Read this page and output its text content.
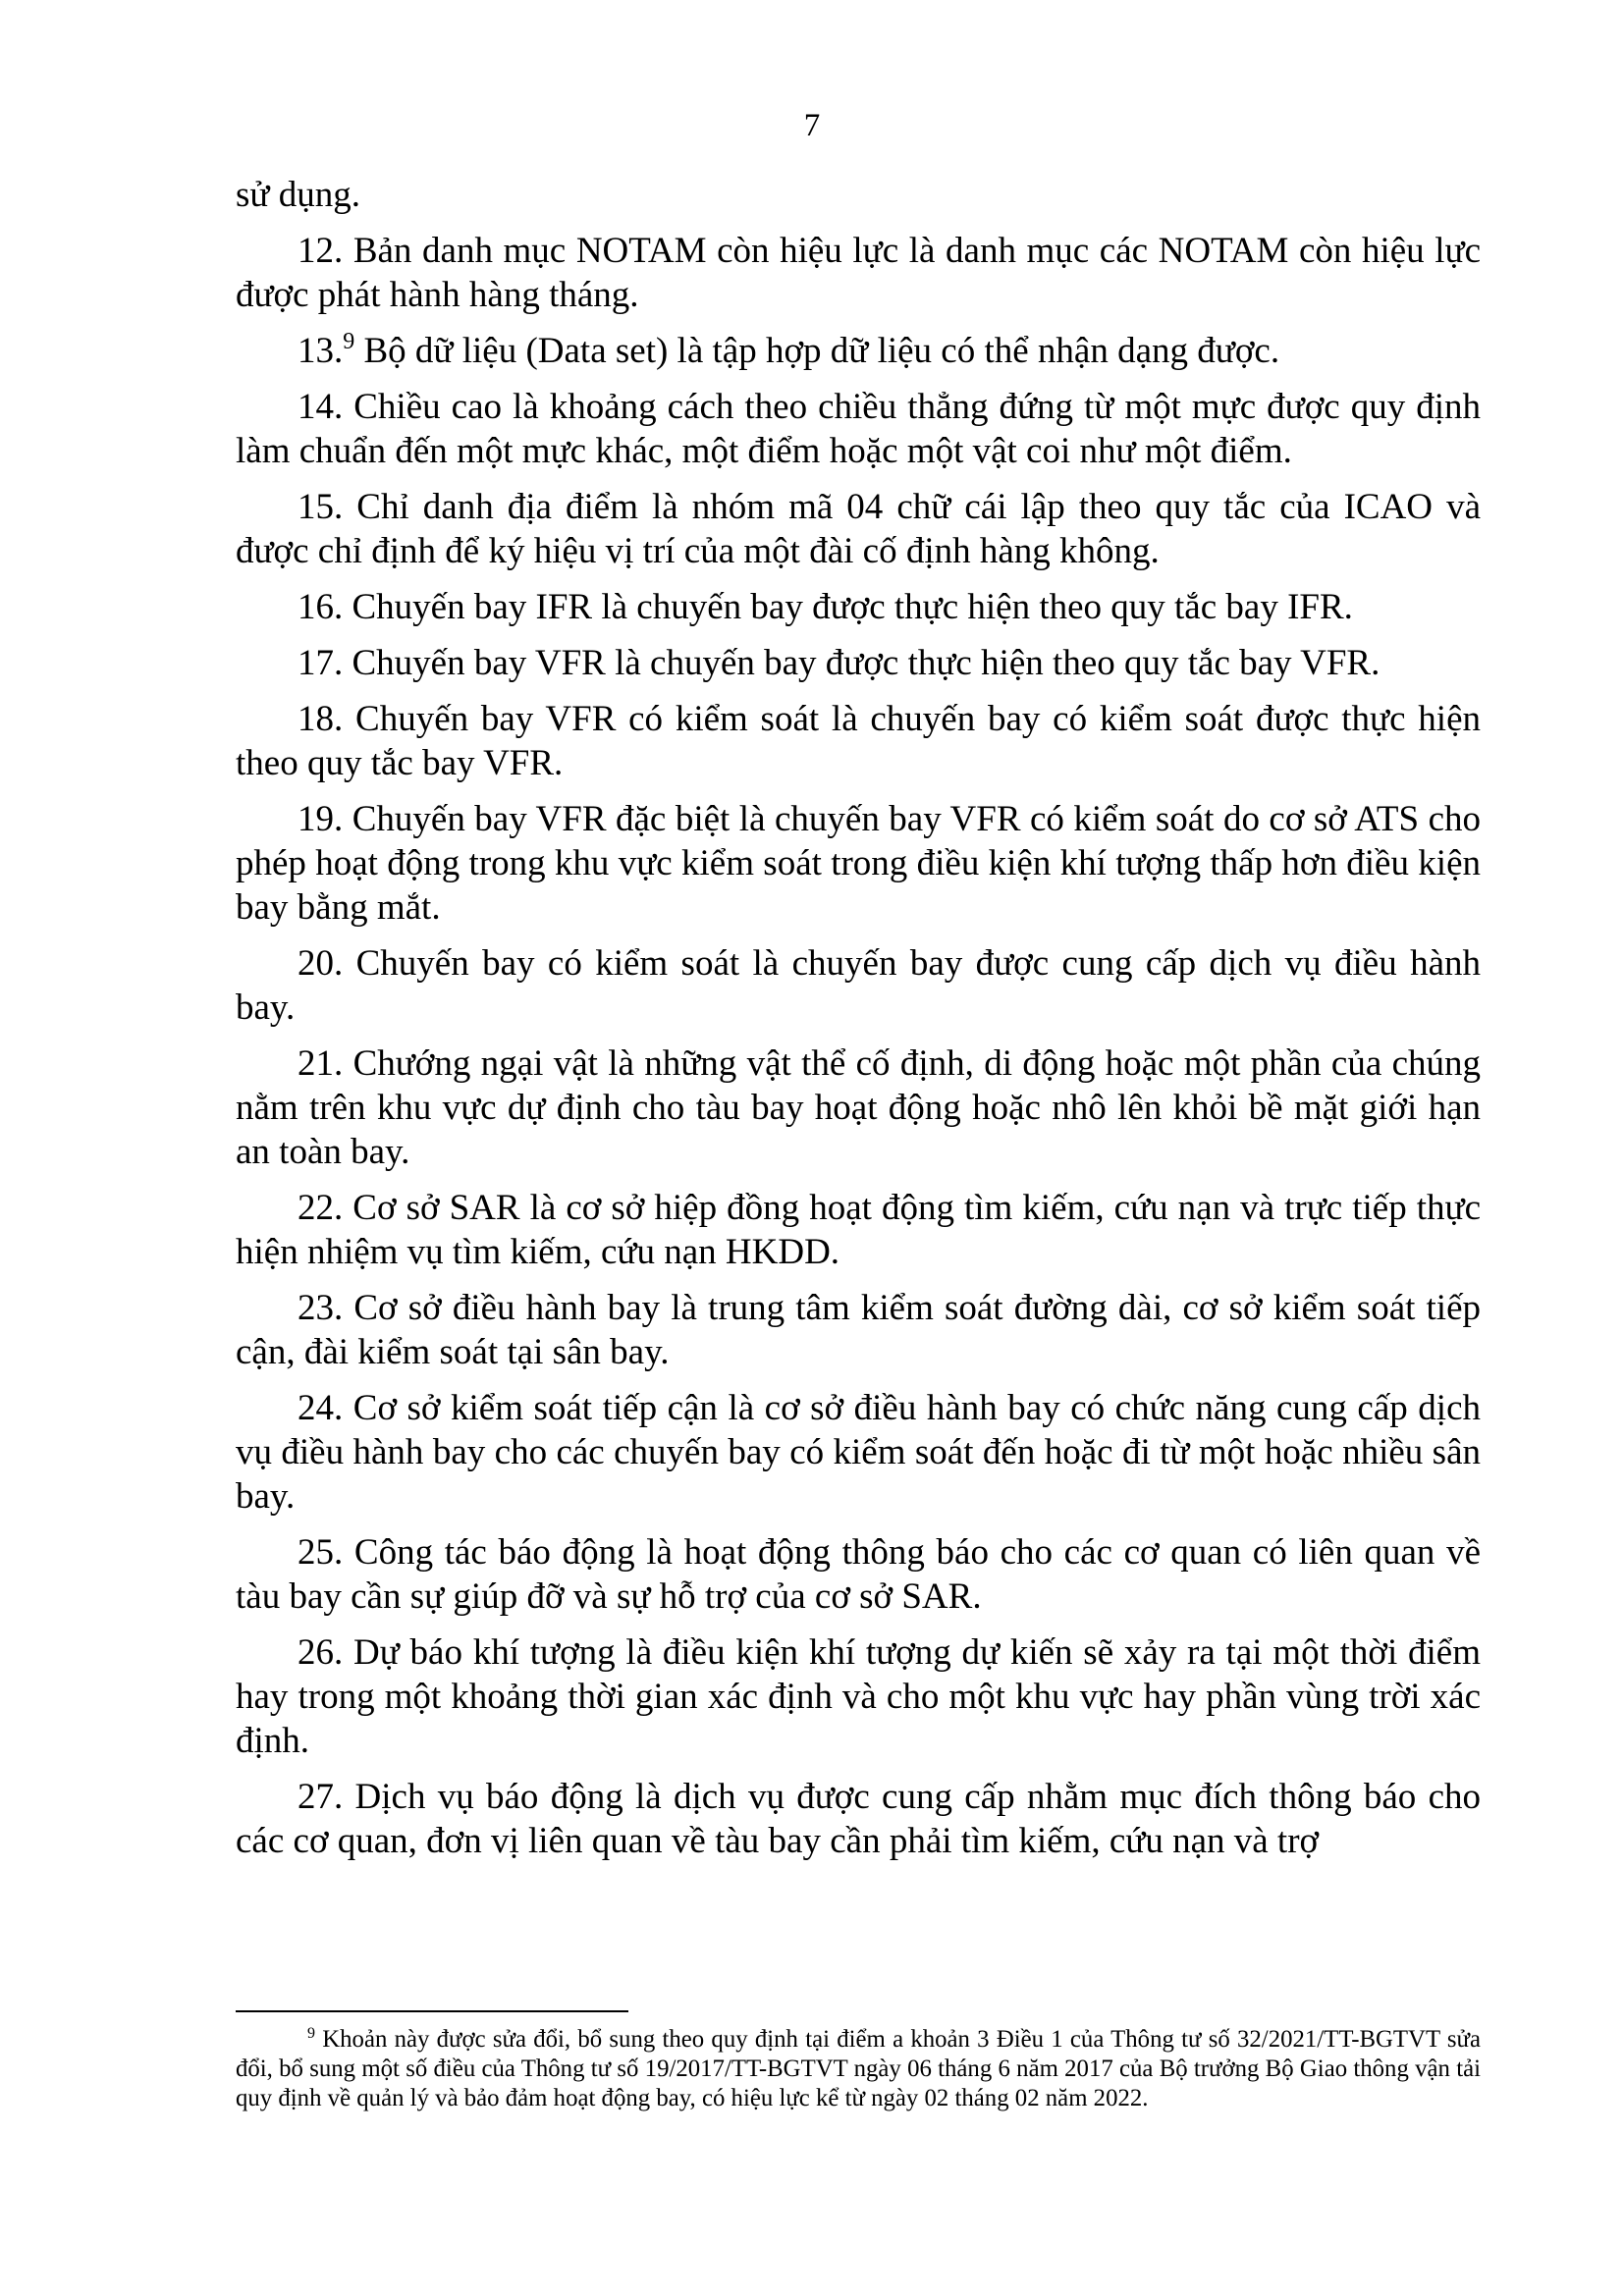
7

sử dụng.

12. Bản danh mục NOTAM còn hiệu lực là danh mục các NOTAM còn hiệu lực được phát hành hàng tháng.

13.$^9$ Bộ dữ liệu (Data set) là tập hợp dữ liệu có thể nhận dạng được.

14. Chiều cao là khoảng cách theo chiều thẳng đứng từ một mực được quy định làm chuẩn đến một mực khác, một điểm hoặc một vật coi như một điểm.

15. Chỉ danh địa điểm là nhóm mã 04 chữ cái lập theo quy tắc của ICAO và được chỉ định để ký hiệu vị trí của một đài cố định hàng không.

16. Chuyến bay IFR là chuyến bay được thực hiện theo quy tắc bay IFR.

17. Chuyến bay VFR là chuyến bay được thực hiện theo quy tắc bay VFR.

18. Chuyến bay VFR có kiểm soát là chuyến bay có kiểm soát được thực hiện theo quy tắc bay VFR.

19. Chuyến bay VFR đặc biệt là chuyến bay VFR có kiểm soát do cơ sở ATS cho phép hoạt động trong khu vực kiểm soát trong điều kiện khí tượng thấp hơn điều kiện bay bằng mắt.

20. Chuyến bay có kiểm soát là chuyến bay được cung cấp dịch vụ điều hành bay.

21. Chướng ngại vật là những vật thể cố định, di động hoặc một phần của chúng nằm trên khu vực dự định cho tàu bay hoạt động hoặc nhô lên khỏi bề mặt giới hạn an toàn bay.

22. Cơ sở SAR là cơ sở hiệp đồng hoạt động tìm kiếm, cứu nạn và trực tiếp thực hiện nhiệm vụ tìm kiếm, cứu nạn HKDD.

23. Cơ sở điều hành bay là trung tâm kiểm soát đường dài, cơ sở kiểm soát tiếp cận, đài kiểm soát tại sân bay.

24. Cơ sở kiểm soát tiếp cận là cơ sở điều hành bay có chức năng cung cấp dịch vụ điều hành bay cho các chuyến bay có kiểm soát đến hoặc đi từ một hoặc nhiều sân bay.

25. Công tác báo động là hoạt động thông báo cho các cơ quan có liên quan về tàu bay cần sự giúp đỡ và sự hỗ trợ của cơ sở SAR.

26. Dự báo khí tượng là điều kiện khí tượng dự kiến sẽ xảy ra tại một thời điểm hay trong một khoảng thời gian xác định và cho một khu vực hay phần vùng trời xác định.

27. Dịch vụ báo động là dịch vụ được cung cấp nhằm mục đích thông báo cho các cơ quan, đơn vị liên quan về tàu bay cần phải tìm kiếm, cứu nạn và trợ

$^9$ Khoản này được sửa đổi, bổ sung theo quy định tại điểm a khoản 3 Điều 1 của Thông tư số 32/2021/TT-BGTVT sửa đổi, bổ sung một số điều của Thông tư số 19/2017/TT-BGTVT ngày 06 tháng 6 năm 2017 của Bộ trưởng Bộ Giao thông vận tải quy định về quản lý và bảo đảm hoạt động bay, có hiệu lực kể từ ngày 02 tháng 02 năm 2022.
